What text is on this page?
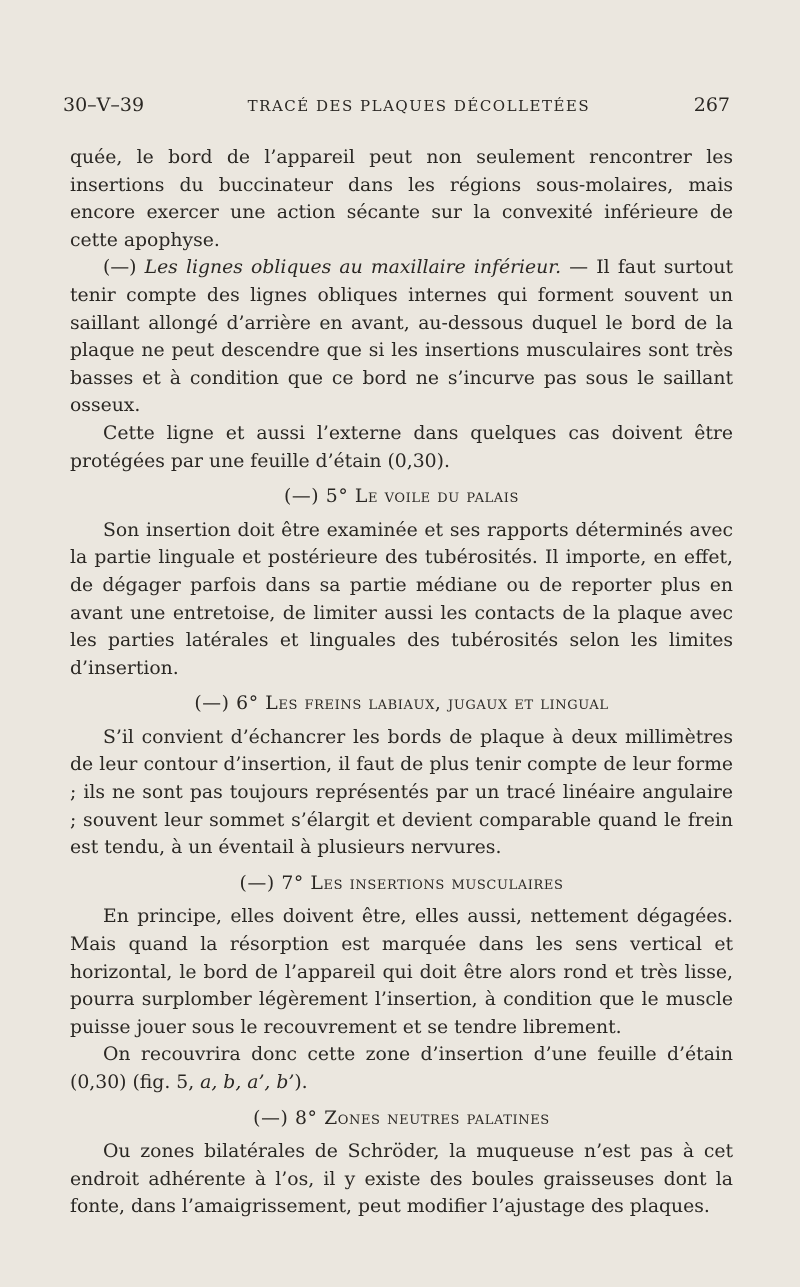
30–V–39	TRACÉ DES PLAQUES DÉCOLLETÉES	267

quée, le bord de l’appareil peut non seulement rencontrer les insertions du buccinateur dans les régions sous-molaires, mais encore exercer une action sécante sur la convexité inférieure de cette apophyse.

(—) Les lignes obliques au maxillaire inférieur. — Il faut surtout tenir compte des lignes obliques internes qui forment souvent un saillant allongé d’arrière en avant, au-dessous duquel le bord de la plaque ne peut descendre que si les insertions musculaires sont très basses et à condition que ce bord ne s’incurve pas sous le saillant osseux.

Cette ligne et aussi l’externe dans quelques cas doivent être protégées par une feuille d’étain (0,30).

(—) 5° Le voile du palais

Son insertion doit être examinée et ses rapports déterminés avec la partie linguale et postérieure des tubérosités. Il importe, en effet, de dégager parfois dans sa partie médiane ou de reporter plus en avant une entretoise, de limiter aussi les contacts de la plaque avec les parties latérales et linguales des tubérosités selon les limites d’insertion.

(—) 6° Les freins labiaux, jugaux et lingual

S’il convient d’échancrer les bords de plaque à deux millimètres de leur contour d’insertion, il faut de plus tenir compte de leur forme ; ils ne sont pas toujours représentés par un tracé linéaire angulaire ; souvent leur sommet s’élargit et devient comparable quand le frein est tendu, à un éventail à plusieurs nervures.

(—) 7° Les insertions musculaires

En principe, elles doivent être, elles aussi, nettement dégagées. Mais quand la résorption est marquée dans les sens vertical et horizontal, le bord de l’appareil qui doit être alors rond et très lisse, pourra surplomber légèrement l’insertion, à condition que le muscle puisse jouer sous le recouvrement et se tendre librement.

On recouvrira donc cette zone d’insertion d’une feuille d’étain (0,30) (fig. 5, a, b, a’, b’).

(—) 8° Zones neutres palatines

Ou zones bilatérales de Schröder, la muqueuse n’est pas à cet endroit adhérente à l’os, il y existe des boules graisseuses dont la fonte, dans l’amaigrissement, peut modifier l’ajustage des plaques.
